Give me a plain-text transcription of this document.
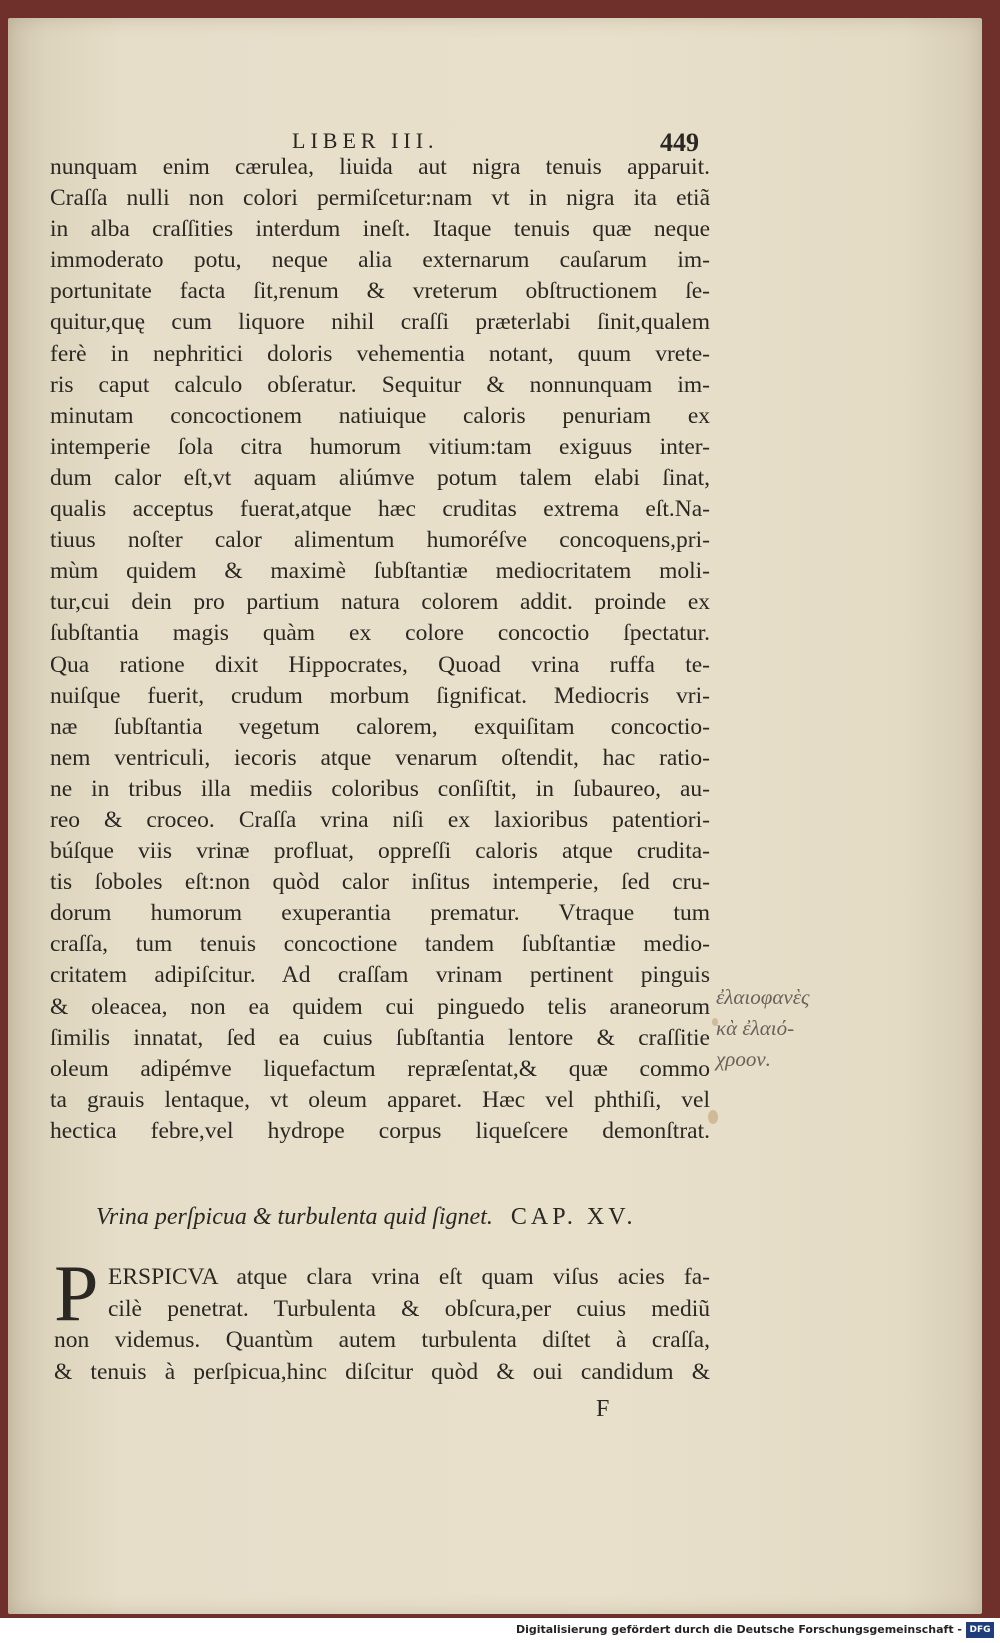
LIBER III.	449
nunquam enim cærulea, liuida aut nigra tenuis apparuit.
Craſſa nulli non colori permiſcetur:nam vt in nigra ita etiã
in alba craſſities interdum ineſt. Itaque tenuis quæ neque
immoderato potu, neque alia externarum cauſarum im-
portunitate facta ſit,renum & vreterum obſtructionem ſe-
quitur,quę cum liquore nihil craſſi præterlabi ſinit,qualem
ferè in nephritici doloris vehementia notant, quum vrete-
ris caput calculo obſeratur. Sequitur & nonnunquam im-
minutam concoctionem natiuique caloris penuriam ex
intemperie ſola citra humorum vitium:tam exiguus inter-
dum calor eſt,vt aquam aliúmve potum talem elabi ſinat,
qualis acceptus fuerat,atque hæc cruditas extrema eſt.Na-
tiuus noſter calor alimentum humoréſve concoquens,pri-
mùm quidem & maximè ſubſtantiæ mediocritatem moli-
tur,cui dein pro partium natura colorem addit. proinde ex
ſubſtantia magis quàm ex colore concoctio ſpectatur.
Qua ratione dixit Hippocrates, Quoad vrina ruffa te-
nuiſque fuerit, crudum morbum ſignificat. Mediocris vri-
næ ſubſtantia vegetum calorem, exquiſitam concoctio-
nem ventriculi, iecoris atque venarum oſtendit, hac ratio-
ne in tribus illa mediis coloribus conſiſtit, in ſubaureo, au-
reo & croceo. Craſſa vrina niſi ex laxioribus patentiori-
búſque viis vrinæ profluat, oppreſſi caloris atque crudita-
tis ſoboles eſt:non quòd calor inſitus intemperie, ſed cru-
dorum humorum exuperantia prematur. Vtraque tum
craſſa, tum tenuis concoctione tandem ſubſtantiæ medio-
critatem adipiſcitur. Ad craſſam vrinam pertinent pinguis
& oleacea, non ea quidem cui pinguedo telis araneorum
ſimilis innatat, ſed ea cuius ſubſtantia lentore & craſſitie
oleum adipémve liquefactum repræſentat,& quæ commo
ta grauis lentaque, vt oleum apparet. Hæc vel phthiſi, vel
hectica febre,vel hydrope corpus liqueſcere demonſtrat.
ἐλαιοφανὲς
κὰ ἐλαιό-
χροον.
Vrina perſpicua & turbulenta quid ſignet. CAP. XV.
P ERSPICVA atque clara vrina eſt quam viſus acies fa-
cilè penetrat. Turbulenta & obſcura,per cuius mediũ
non videmus. Quantùm autem turbulenta diſtet à craſſa,
& tenuis à perſpicua,hinc diſcitur quòd & oui candidum &
F
Digitalisierung gefördert durch die Deutsche Forschungsgemeinschaft - DFG
